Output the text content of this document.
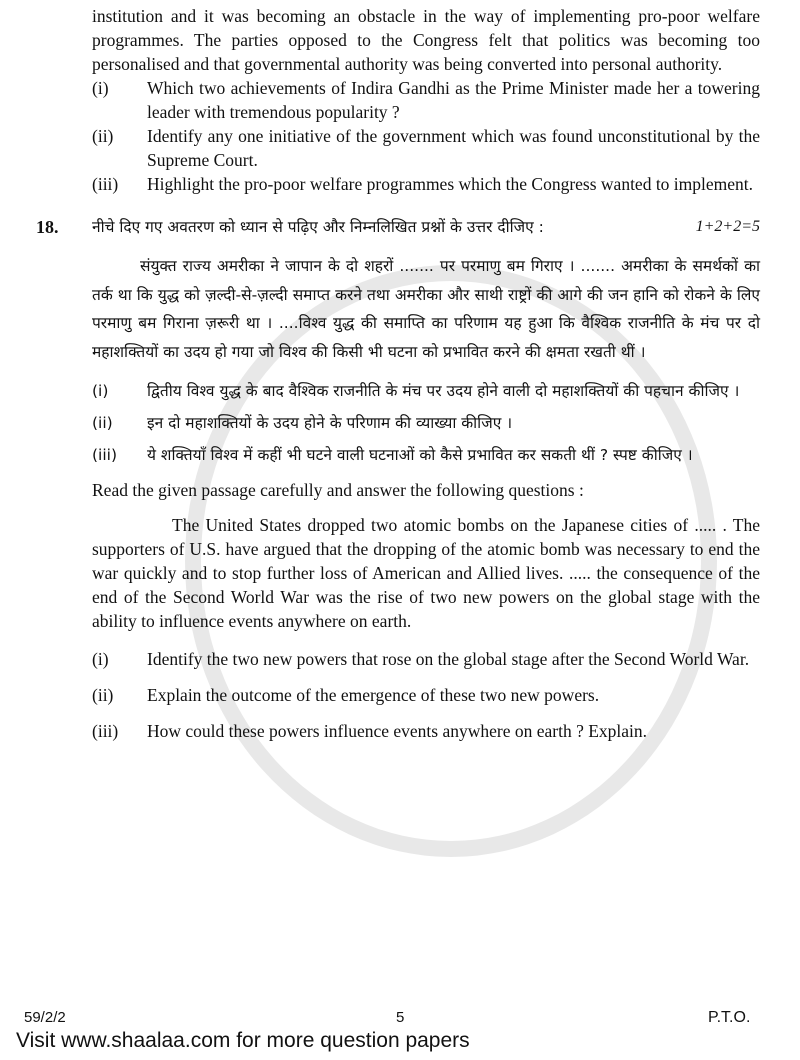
institution and it was becoming an obstacle in the way of implementing pro-poor welfare programmes. The parties opposed to the Congress felt that politics was becoming too personalised and that governmental authority was being converted into personal authority.
(i)	Which two achievements of Indira Gandhi as the Prime Minister made her a towering leader with tremendous popularity ?
(ii)	Identify any one initiative of the government which was found unconstitutional by the Supreme Court.
(iii)	Highlight the pro-poor welfare programmes which the Congress wanted to implement.
18.	नीचे दिए गए अवतरण को ध्यान से पढ़िए और निम्नलिखित प्रश्नों के उत्तर दीजिए :	1+2+2=5
संयुक्त राज्य अमरीका ने जापान के दो शहरों ....... पर परमाणु बम गिराए । ....... अमरीका के समर्थकों का तर्क था कि युद्ध को ज़ल्दी-से-ज़ल्दी समाप्त करने तथा अमरीका और साथी राष्ट्रों की आगे की जन हानि को रोकने के लिए परमाणु बम गिराना ज़रूरी था । ....विश्व युद्ध की समाप्ति का परिणाम यह हुआ कि वैश्विक राजनीति के मंच पर दो महाशक्तियों का उदय हो गया जो विश्व की किसी भी घटना को प्रभावित करने की क्षमता रखती थीं ।
(i)	द्वितीय विश्व युद्ध के बाद वैश्विक राजनीति के मंच पर उदय होने वाली दो महाशक्तियों की पहचान कीजिए ।
(ii)	इन दो महाशक्तियों के उदय होने के परिणाम की व्याख्या कीजिए ।
(iii)	ये शक्तियाँ विश्व में कहीं भी घटने वाली घटनाओं को कैसे प्रभावित कर सकती थीं ? स्पष्ट कीजिए ।
Read the given passage carefully and answer the following questions :
The United States dropped two atomic bombs on the Japanese cities of ..... . The supporters of U.S. have argued that the dropping of the atomic bomb was necessary to end the war quickly and to stop further loss of American and Allied lives. ..... the consequence of the end of the Second World War was the rise of two new powers on the global stage with the ability to influence events anywhere on earth.
(i)	Identify the two new powers that rose on the global stage after the Second World War.
(ii)	Explain the outcome of the emergence of these two new powers.
(iii)	How could these powers influence events anywhere on earth ? Explain.
59/2/2	5	P.T.O.
Visit www.shaalaa.com for more question papers
